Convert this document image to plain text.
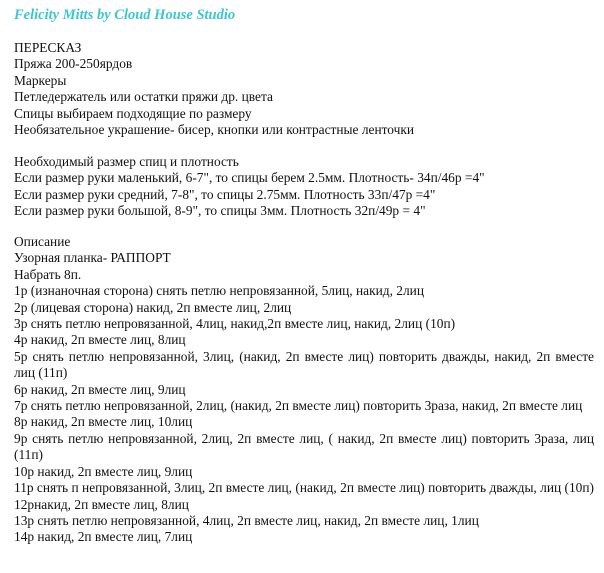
Felicity Mitts by Cloud House Studio
ПЕРЕСКАЗ
Пряжа 200-250ярдов
Маркеры
Петледержатель или остатки пряжи др. цвета
Спицы выбираем подходящие по размеру
Необязательное украшение- бисер, кнопки или контрастные ленточки
Необходимый размер спиц и плотность
Если размер руки маленький, 6-7", то спицы берем 2.5мм. Плотность- 34п/46р =4"
Если размер руки средний, 7-8", то спицы 2.75мм. Плотность 33п/47р =4"
Если размер руки большой, 8-9", то спицы 3мм. Плотность 32п/49р = 4"
Описание
Узорная планка- РАППОРТ
Набрать 8п.
1р (изнаночная сторона) снять петлю непровязанной, 5лиц, накид, 2лиц
2р (лицевая сторона) накид, 2п вместе лиц, 2лиц
3р снять петлю непровязанной, 4лиц, накид,2п вместе лиц, накид, 2лиц (10п)
4р накид, 2п вместе лиц, 8лиц
5р снять петлю непровязанной, 3лиц, (накид, 2п вместе лиц) повторить дважды, накид, 2п вместе лиц (11п)
6р накид, 2п вместе лиц, 9лиц
7р снять петлю непровязанной, 2лиц, (накид, 2п вместе лиц) повторить 3раза, накид, 2п вместе лиц
8р накид, 2п вместе лиц, 10лиц
9р снять петлю непровязанной, 2лиц, 2п вместе лиц, ( накид, 2п вместе лиц) повторить 3раза, лиц (11п)
10р накид, 2п вместе лиц, 9лиц
11р снять п непровязанной, 3лиц, 2п вместе лиц, (накид, 2п вместе лиц) повторить дважды, лиц (10п)
12рнакид, 2п вместе лиц, 8лиц
13р снять петлю непровязанной, 4лиц, 2п вместе лиц, накид, 2п вместе лиц, 1лиц
14р накид, 2п вместе лиц, 7лиц
